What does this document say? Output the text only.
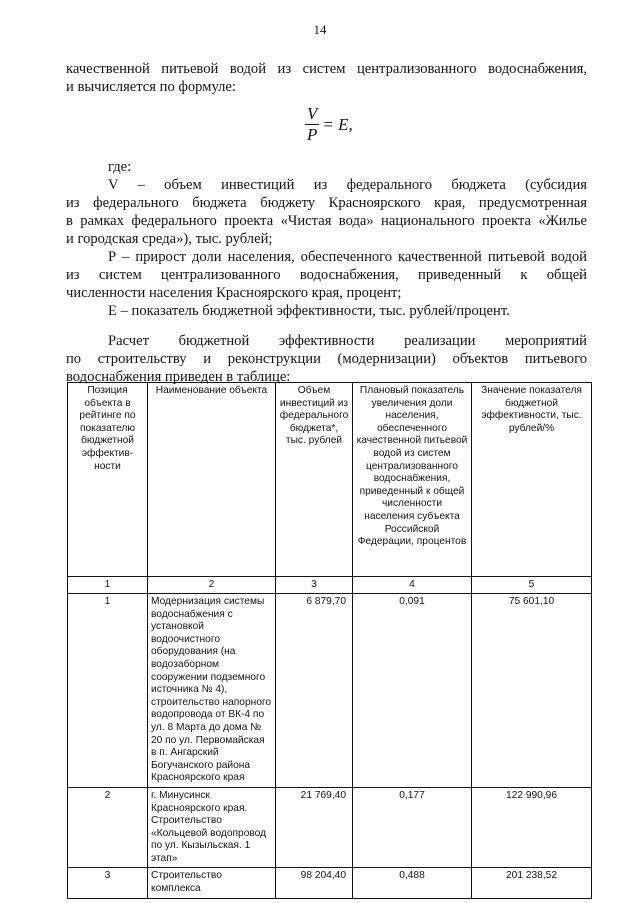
14
качественной питьевой водой из систем централизованного водоснабжения,
и вычисляется по формуле:
$\frac{V}{P} = E$,
где:
V – объем инвестиций из федерального бюджета (субсидия
из федерального бюджета бюджету Красноярского края, предусмотренная
в рамках федерального проекта «Чистая вода» национального проекта «Жилье
и городская среда»), тыс. рублей;
Р – прирост доли населения, обеспеченного качественной питьевой водой
из систем централизованного водоснабжения, приведенный к общей
численности населения Красноярского края, процент;
Е – показатель бюджетной эффективности, тыс. рублей/процент.
Расчет бюджетной эффективности реализации мероприятий
по строительству и реконструкции (модернизации) объектов питьевого
водоснабжения приведен в таблице:
Позиция объекта в рейтинге по показателю бюджетной эффектив-ности	Наименование объекта	Объем инвестиций из федерального бюджета*, тыс. рублей	Плановый показатель увеличения доли населения, обеспеченного качественной питьевой водой из систем централизованного водоснабжения, приведенный к общей численности населения субъекта Российской Федерации, процентов	Значение показателя бюджетной эффективности, тыс. рублей/%
1	2	3	4	5
1	Модернизация системы водоснабжения с установкой водоочистного оборудования (на водозаборном сооружении подземного источника № 4), строительство напорного водопровода от ВК-4 по ул. 8 Марта до дома № 20 по ул. Первомайская в п. Ангарский Богучанского района Красноярского края	6 879,70	0,091	75 601,10
2	г. Минусинск Красноярского края. Строительство «Кольцевой водопровод по ул. Кызыльская. 1 этап»	21 769,40	0,177	122 990,96
3	Строительство комплекса	98 204,40	0,488	201 238,52
